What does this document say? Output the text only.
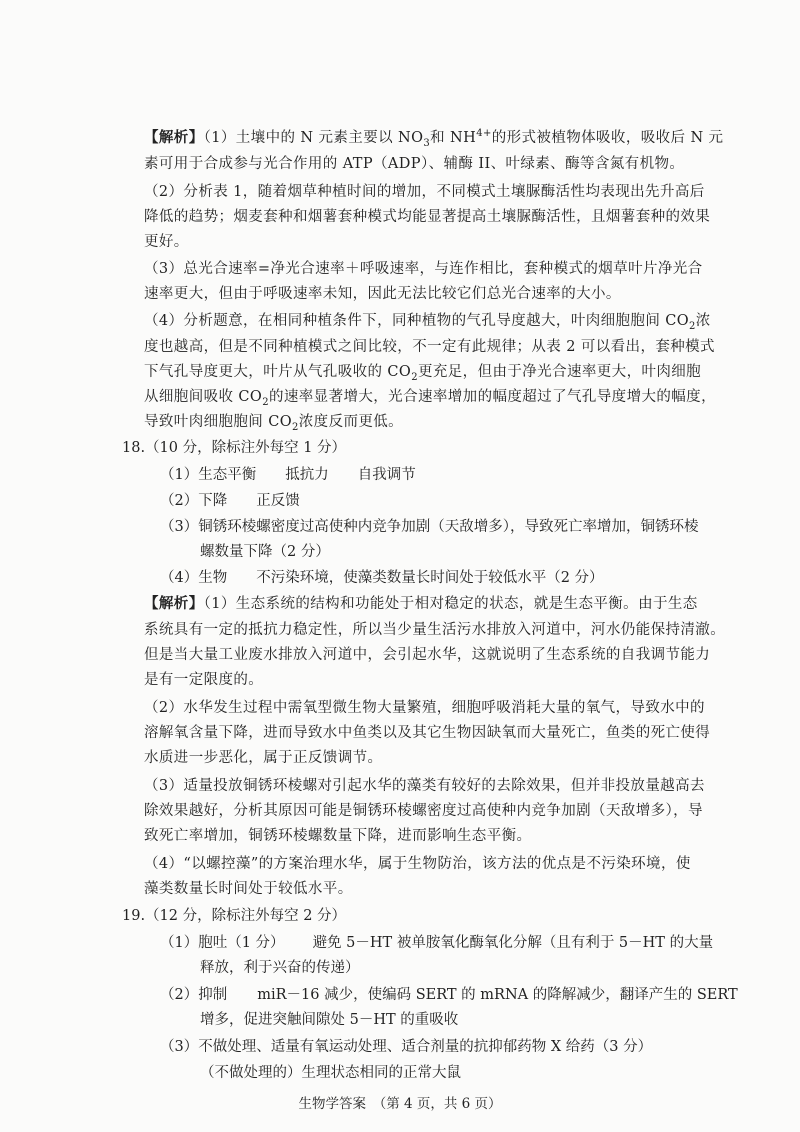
【解析】（1）土壤中的 N 元素主要以 $NO_3$和 $NH^{4+}$的形式被植物体吸收，吸收后 N 元
素可用于合成参与光合作用的 ATP（ADP）、辅酶 II、叶绿素、酶等含氮有机物。
（2）分析表 1，随着烟草种植时间的增加，不同模式土壤脲酶活性均表现出先升高后
降低的趋势；烟麦套种和烟薯套种模式均能显著提高土壤脲酶活性，且烟薯套种的效果
更好。
（3）总光合速率=净光合速率＋呼吸速率，与连作相比，套种模式的烟草叶片净光合
速率更大，但由于呼吸速率未知，因此无法比较它们总光合速率的大小。
（4）分析题意，在相同种植条件下，同种植物的气孔导度越大，叶肉细胞胞间 $CO_2$浓
度也越高，但是不同种植模式之间比较，不一定有此规律；从表 2 可以看出，套种模式
下气孔导度更大，叶片从气孔吸收的 $CO_2$更充足，但由于净光合速率更大，叶肉细胞
从细胞间吸收 $CO_2$的速率显著增大，光合速率增加的幅度超过了气孔导度增大的幅度，
导致叶肉细胞胞间 $CO_2$浓度反而更低。
18.（10 分，除标注外每空 1 分）
（1）生态平衡　　抵抗力　　自我调节
（2）下降　　正反馈
（3）铜锈环棱螺密度过高使种内竞争加剧（天敌增多），导致死亡率增加，铜锈环棱
螺数量下降（2 分）
（4）生物　　不污染环境，使藻类数量长时间处于较低水平（2 分）
【解析】（1）生态系统的结构和功能处于相对稳定的状态，就是生态平衡。由于生态
系统具有一定的抵抗力稳定性，所以当少量生活污水排放入河道中，河水仍能保持清澈。
但是当大量工业废水排放入河道中，会引起水华，这就说明了生态系统的自我调节能力
是有一定限度的。
（2）水华发生过程中需氧型微生物大量繁殖，细胞呼吸消耗大量的氧气，导致水中的
溶解氧含量下降，进而导致水中鱼类以及其它生物因缺氧而大量死亡，鱼类的死亡使得
水质进一步恶化，属于正反馈调节。
（3）适量投放铜锈环棱螺对引起水华的藻类有较好的去除效果，但并非投放量越高去
除效果越好，分析其原因可能是铜锈环棱螺密度过高使种内竞争加剧（天敌增多），导
致死亡率增加，铜锈环棱螺数量下降，进而影响生态平衡。
（4）“以螺控藻”的方案治理水华，属于生物防治，该方法的优点是不污染环境，使
藻类数量长时间处于较低水平。
19.（12 分，除标注外每空 2 分）
（1）胞吐（1 分） 避免 5－HT 被单胺氧化酶氧化分解（且有利于 5－HT 的大量
释放，利于兴奋的传递）
（2）抑制 miR－16 减少，使编码 SERT 的 mRNA 的降解减少，翻译产生的 SERT
增多，促进突触间隙处 5－HT 的重吸收
（3）不做处理、适量有氧运动处理、适合剂量的抗抑郁药物 X 给药（3 分）
（不做处理的）生理状态相同的正常大鼠
生物学答案　（第 4 页，共 6 页）
